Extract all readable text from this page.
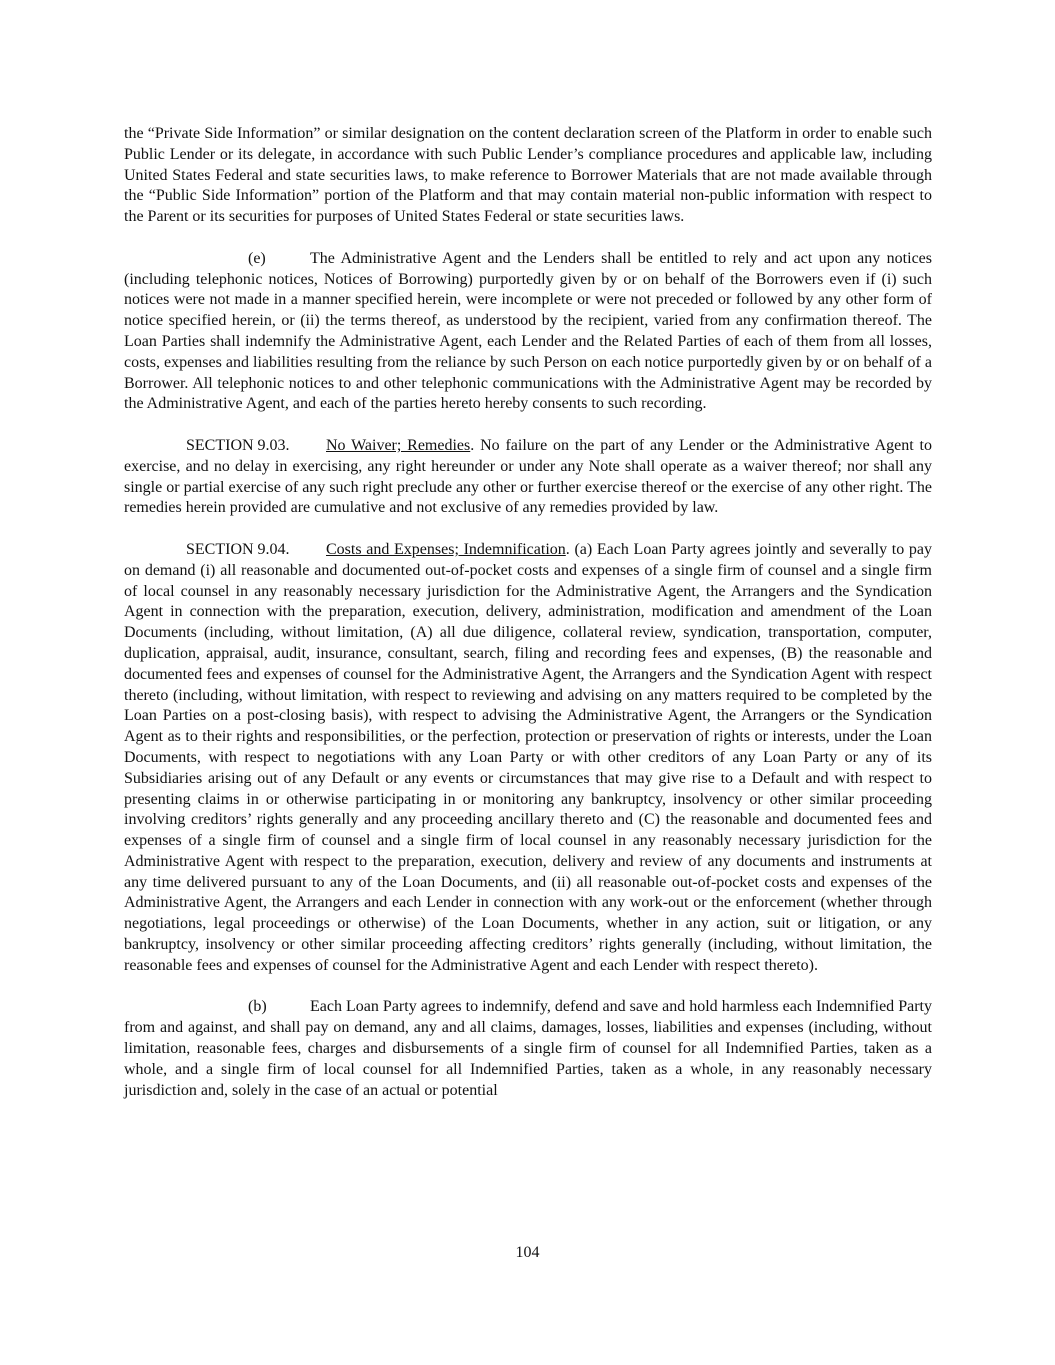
the “Private Side Information” or similar designation on the content declaration screen of the Platform in order to enable such Public Lender or its delegate, in accordance with such Public Lender’s compliance procedures and applicable law, including United States Federal and state securities laws, to make reference to Borrower Materials that are not made available through the “Public Side Information” portion of the Platform and that may contain material non-public information with respect to the Parent or its securities for purposes of United States Federal or state securities laws.

(e)	The Administrative Agent and the Lenders shall be entitled to rely and act upon any notices (including telephonic notices, Notices of Borrowing) purportedly given by or on behalf of the Borrowers even if (i) such notices were not made in a manner specified herein, were incomplete or were not preceded or followed by any other form of notice specified herein, or (ii) the terms thereof, as understood by the recipient, varied from any confirmation thereof. The Loan Parties shall indemnify the Administrative Agent, each Lender and the Related Parties of each of them from all losses, costs, expenses and liabilities resulting from the reliance by such Person on each notice purportedly given by or on behalf of a Borrower. All telephonic notices to and other telephonic communications with the Administrative Agent may be recorded by the Administrative Agent, and each of the parties hereto hereby consents to such recording.

SECTION 9.03. No Waiver; Remedies. No failure on the part of any Lender or the Administrative Agent to exercise, and no delay in exercising, any right hereunder or under any Note shall operate as a waiver thereof; nor shall any single or partial exercise of any such right preclude any other or further exercise thereof or the exercise of any other right. The remedies herein provided are cumulative and not exclusive of any remedies provided by law.

SECTION 9.04. Costs and Expenses; Indemnification. (a) Each Loan Party agrees jointly and severally to pay on demand (i) all reasonable and documented out-of-pocket costs and expenses of a single firm of counsel and a single firm of local counsel in any reasonably necessary jurisdiction for the Administrative Agent, the Arrangers and the Syndication Agent in connection with the preparation, execution, delivery, administration, modification and amendment of the Loan Documents (including, without limitation, (A) all due diligence, collateral review, syndication, transportation, computer, duplication, appraisal, audit, insurance, consultant, search, filing and recording fees and expenses, (B) the reasonable and documented fees and expenses of counsel for the Administrative Agent, the Arrangers and the Syndication Agent with respect thereto (including, without limitation, with respect to reviewing and advising on any matters required to be completed by the Loan Parties on a post-closing basis), with respect to advising the Administrative Agent, the Arrangers or the Syndication Agent as to their rights and responsibilities, or the perfection, protection or preservation of rights or interests, under the Loan Documents, with respect to negotiations with any Loan Party or with other creditors of any Loan Party or any of its Subsidiaries arising out of any Default or any events or circumstances that may give rise to a Default and with respect to presenting claims in or otherwise participating in or monitoring any bankruptcy, insolvency or other similar proceeding involving creditors’ rights generally and any proceeding ancillary thereto and (C) the reasonable and documented fees and expenses of a single firm of counsel and a single firm of local counsel in any reasonably necessary jurisdiction for the Administrative Agent with respect to the preparation, execution, delivery and review of any documents and instruments at any time delivered pursuant to any of the Loan Documents, and (ii) all reasonable out-of-pocket costs and expenses of the Administrative Agent, the Arrangers and each Lender in connection with any work-out or the enforcement (whether through negotiations, legal proceedings or otherwise) of the Loan Documents, whether in any action, suit or litigation, or any bankruptcy, insolvency or other similar proceeding affecting creditors’ rights generally (including, without limitation, the reasonable fees and expenses of counsel for the Administrative Agent and each Lender with respect thereto).

(b)	Each Loan Party agrees to indemnify, defend and save and hold harmless each Indemnified Party from and against, and shall pay on demand, any and all claims, damages, losses, liabilities and expenses (including, without limitation, reasonable fees, charges and disbursements of a single firm of counsel for all Indemnified Parties, taken as a whole, and a single firm of local counsel for all Indemnified Parties, taken as a whole, in any reasonably necessary jurisdiction and, solely in the case of an actual or potential

104
